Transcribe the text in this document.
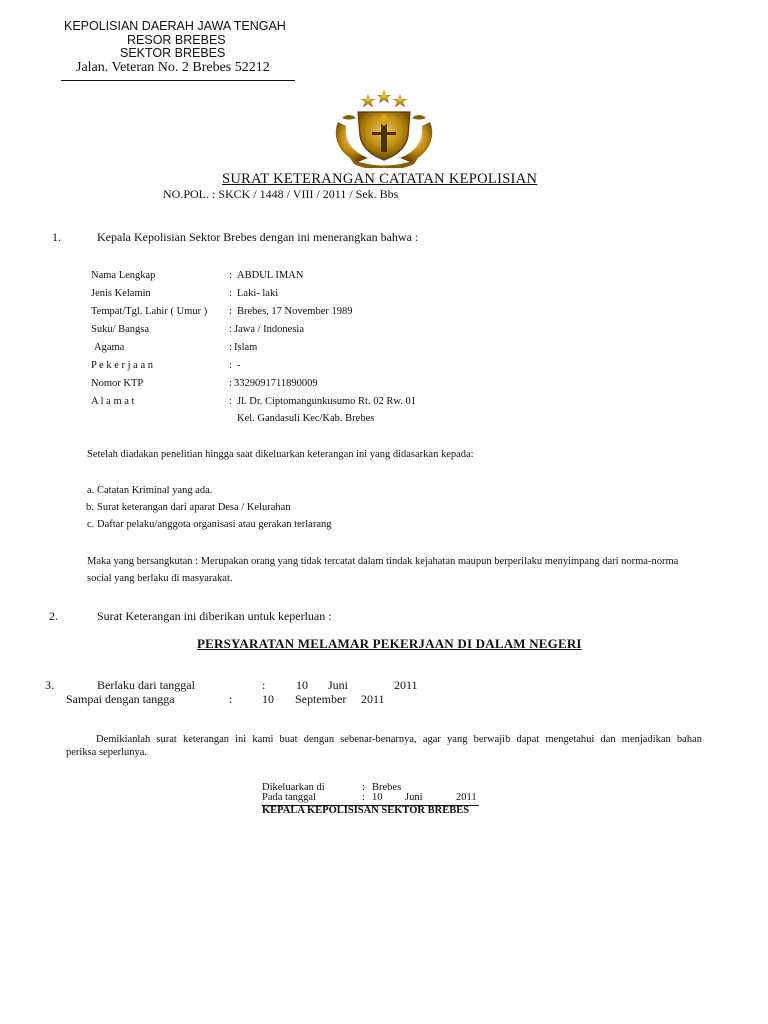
KEPOLISIAN DAERAH JAWA TENGAH
RESOR BREBES
SEKTOR BREBES
Jalan. Veteran No. 2 Brebes 52212
SURAT KETERANGAN CATATAN KEPOLISIAN
NO.POL. : SKCK / 1448 / VIII / 2011 / Sek. Bbs
1.	Kepala Kepolisian Sektor Brebes dengan ini menerangkan bahwa :
Nama Lengkap	: ABDUL IMAN
Jenis Kelamin	: Laki- laki
Tempat/Tgl. Lahir ( Umur ) : Brebes, 17 November 1989
Suku/ Bangsa	: Jawa / Indonesia
Agama	: Islam
P e k e r j a a n	: -
Nomor KTP	: 3329091711890009
A l a m a t	: Jl. Dr. Ciptomangunkusumo Rt. 02 Rw. 01
Kel. Gandasuli Kec/Kab. Brebes
Setelah diadakan penelitian hingga saat dikeluarkan keterangan ini yang didasarkan kepada:
a. Catatan Kriminal yang ada.
b. Surat keterangan dari aparat Desa / Kelurahan
c. Daftar pelaku/anggota organisasi atau gerakan terlarang
Maka yang bersangkutan : Merupakan orang yang tidak tercatat dalam tindak kejahatan maupun berperilaku menyimpang dari norma-norma
social yang berlaku di masyarakat.
2.	Surat Keterangan ini diberikan untuk keperluan :
PERSYARATAN MELAMAR PEKERJAAN DI DALAM NEGERI
3.	Berlaku dari tanggal	:	10 Juni	2011
Sampai dengan tangga	: 10 September 2011
Demikianlah surat keterangan ini kami buat dengan sebenar-benarnya, agar yang berwajib dapat mengetahui dan menjadikan bahan
periksa seperlunya.
Dikeluarkan di	: Brebes
Pada tanggal	: 10 Juni	2011
KEPALA KEPOLISISAN SEKTOR BREBES
